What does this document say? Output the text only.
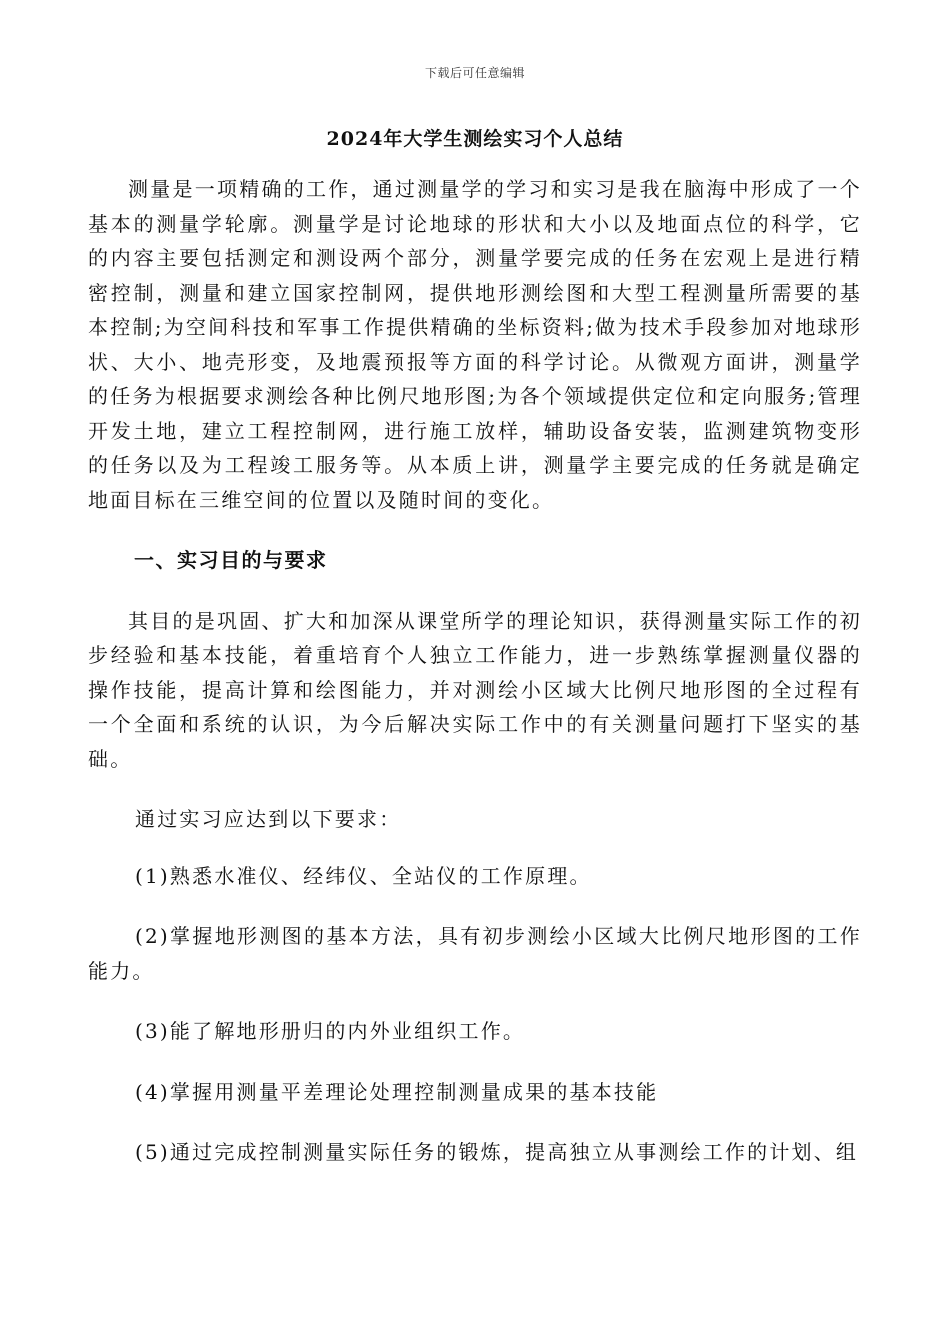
下载后可任意编辑
2024年大学生测绘实习个人总结

测量是一项精确的工作，通过测量学的学习和实习是我在脑海中形成了一个基本的测量学轮廓。测量学是讨论地球的形状和大小以及地面点位的科学，它的内容主要包括测定和测设两个部分，测量学要完成的任务在宏观上是进行精密控制，测量和建立国家控制网，提供地形测绘图和大型工程测量所需要的基本控制;为空间科技和军事工作提供精确的坐标资料;做为技术手段参加对地球形状、大小、地壳形变，及地震预报等方面的科学讨论。从微观方面讲，测量学的任务为根据要求测绘各种比例尺地形图;为各个领域提供定位和定向服务;管理开发土地，建立工程控制网，进行施工放样，辅助设备安装，监测建筑物变形的任务以及为工程竣工服务等。从本质上讲，测量学主要完成的任务就是确定地面目标在三维空间的位置以及随时间的变化。

一、实习目的与要求

其目的是巩固、扩大和加深从课堂所学的理论知识，获得测量实际工作的初步经验和基本技能，着重培育个人独立工作能力，进一步熟练掌握测量仪器的操作技能，提高计算和绘图能力，并对测绘小区域大比例尺地形图的全过程有一个全面和系统的认识，为今后解决实际工作中的有关测量问题打下坚实的基础。

通过实习应达到以下要求：

(1)熟悉水准仪、经纬仪、全站仪的工作原理。

(2)掌握地形测图的基本方法，具有初步测绘小区域大比例尺地形图的工作能力。

(3)能了解地形册归的内外业组织工作。

(4)掌握用测量平差理论处理控制测量成果的基本技能

(5)通过完成控制测量实际任务的锻炼，提高独立从事测绘工作的计划、组
